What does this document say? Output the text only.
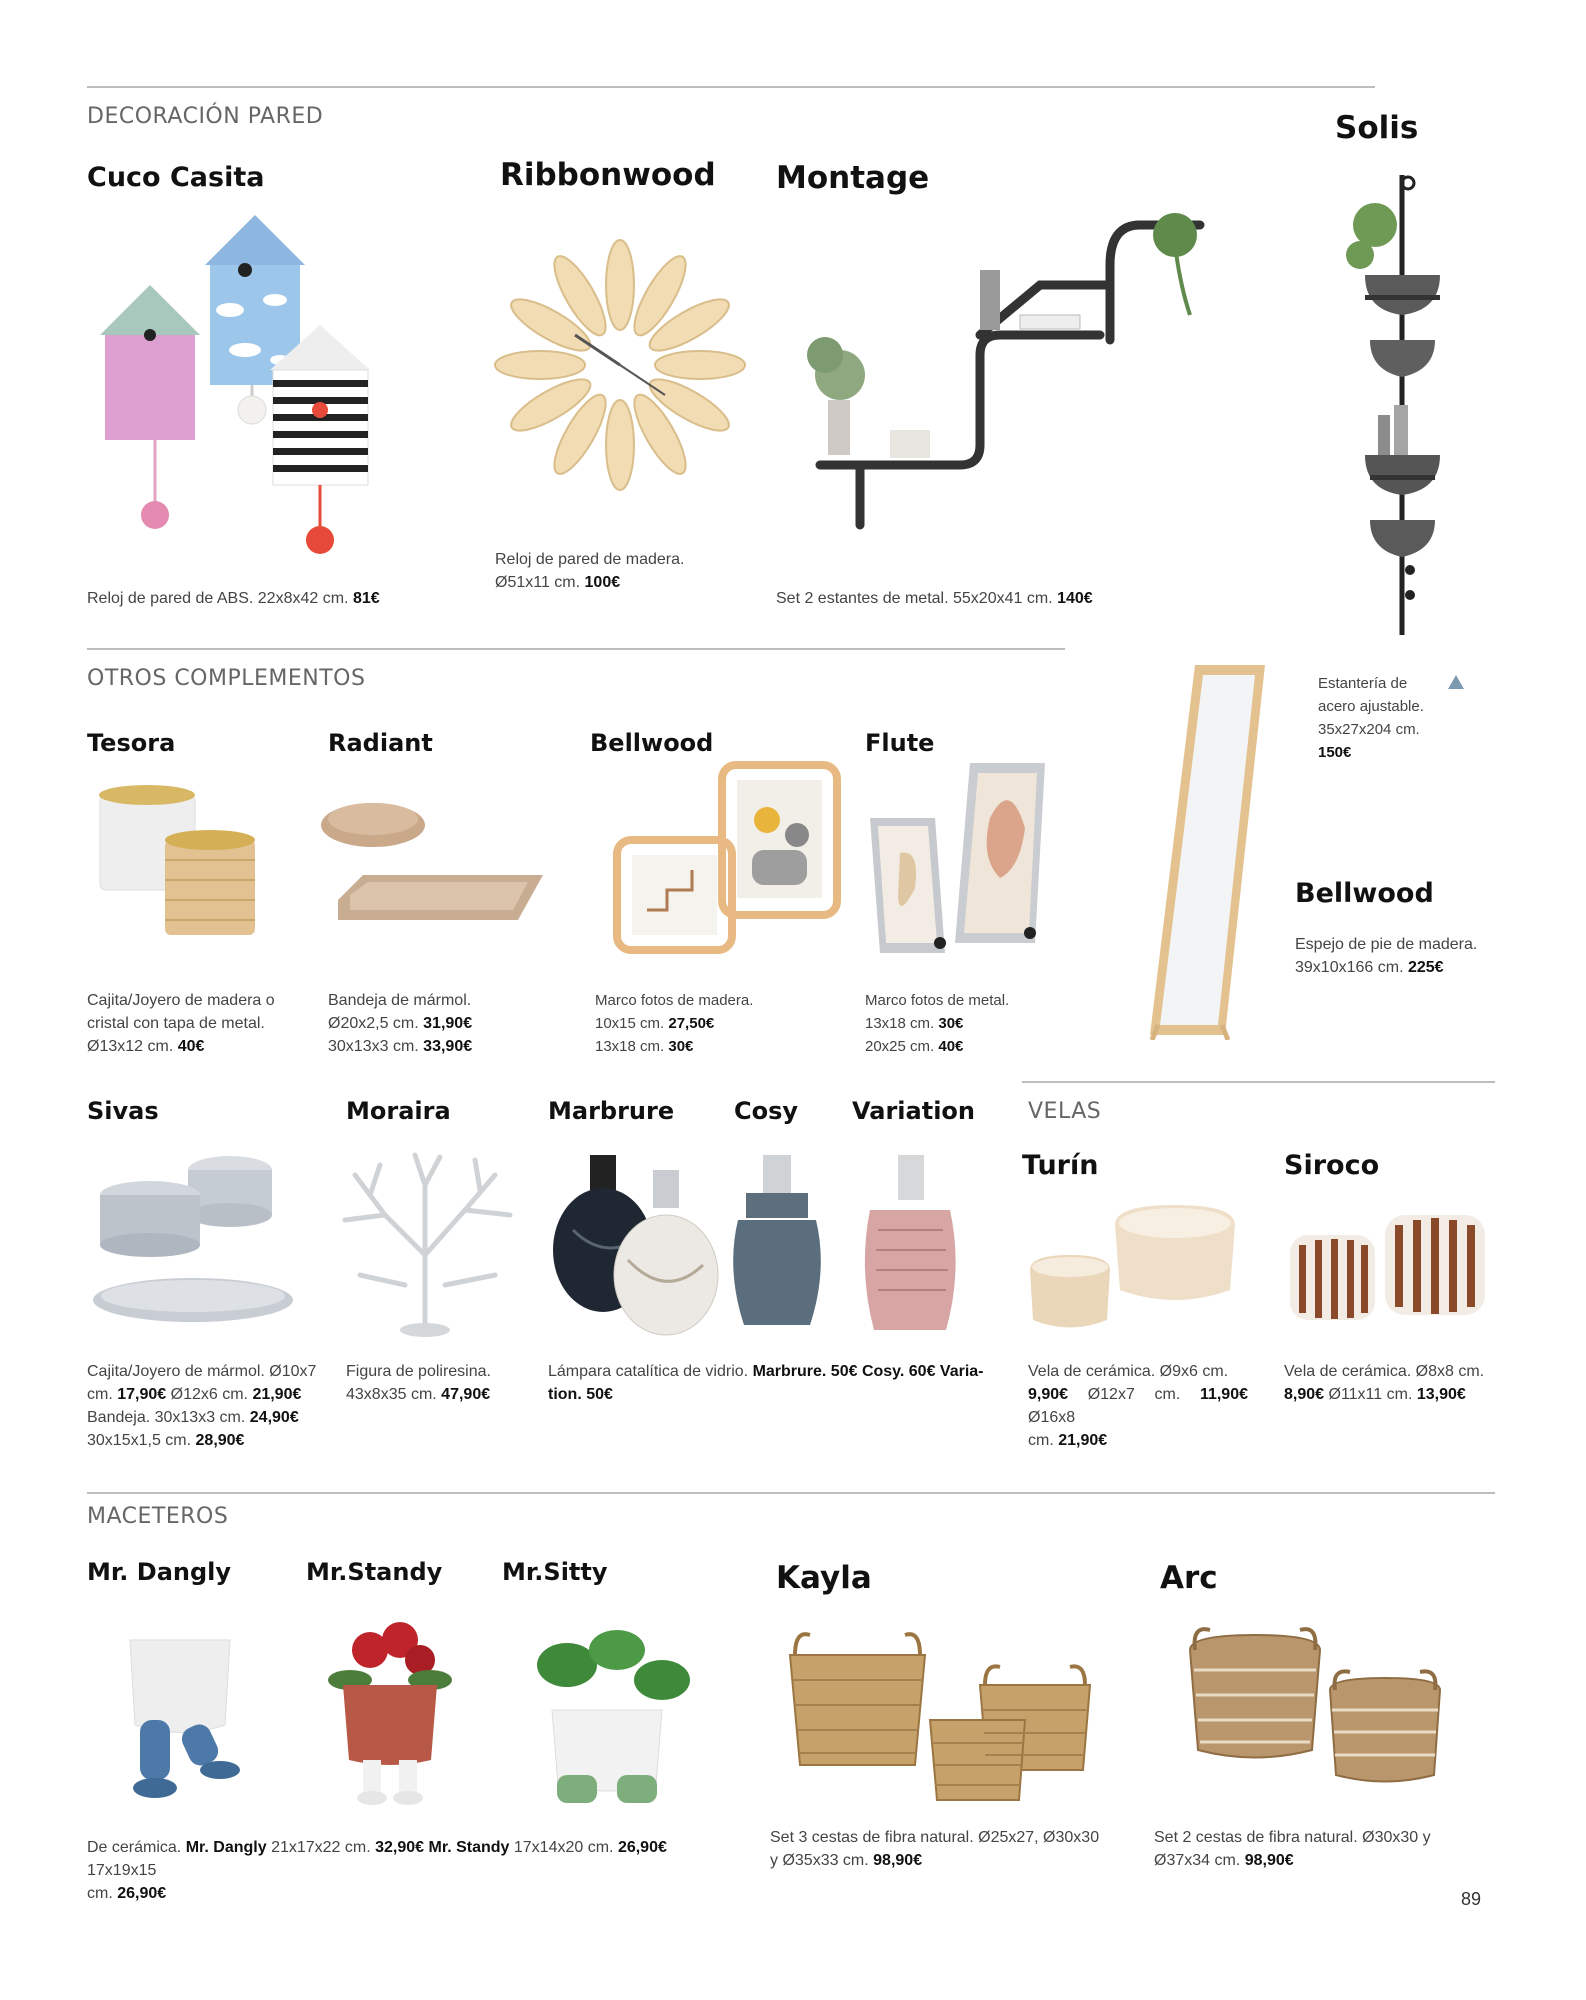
DECORACIÓN PARED
OTROS COMPLEMENTOS
VELAS
MACETEROS
Cuco Casita
Reloj de pared de ABS. 22x8x42 cm. 81€
Ribbonwood
Reloj de pared de madera.
Ø51x11 cm. 100€
Montage
Set 2 estantes de metal. 55x20x41 cm. 140€
Solis
Estantería de
acero ajustable.
35x27x204 cm.
150€
Tesora
Cajita/Joyero de madera o
cristal con tapa de metal.
Ø13x12 cm. 40€
Radiant
Bandeja de mármol.
Ø20x2,5 cm. 31,90€
30x13x3 cm. 33,90€
Bellwood
Marco fotos de madera.
10x15 cm. 27,50€
13x18 cm. 30€
Flute
Marco fotos de metal.
13x18 cm. 30€
20x25 cm. 40€
Bellwood
Espejo de pie de madera.
39x10x166 cm. 225€
Sivas
Cajita/Joyero de mármol. Ø10x7
cm. 17,90€ Ø12x6 cm. 21,90€
Bandeja. 30x13x3 cm. 24,90€
30x15x1,5 cm. 28,90€
Moraira
Figura de poliresina.
43x8x35 cm. 47,90€
Marbrure Cosy Variation
Lámpara catalítica de vidrio. Marbrure. 50€ Cosy. 60€ Varia-
tion. 50€
Turín
Vela de cerámica. Ø9x6 cm.
9,90€ Ø12x7 cm. 11,90€ Ø16x8
cm. 21,90€
Siroco
Vela de cerámica. Ø8x8 cm.
8,90€ Ø11x11 cm. 13,90€
Mr. Dangly	Mr.Standy Mr.Sitty
De cerámica. Mr. Dangly 21x17x22 cm. 32,90€ Mr. Standy 17x14x20 cm. 26,90€ 17x19x15
cm. 26,90€
Kayla
Set 3 cestas de fibra natural. Ø25x27, Ø30x30
y Ø35x33 cm. 98,90€
Arc
Set 2 cestas de fibra natural. Ø30x30 y
Ø37x34 cm. 98,90€
89
